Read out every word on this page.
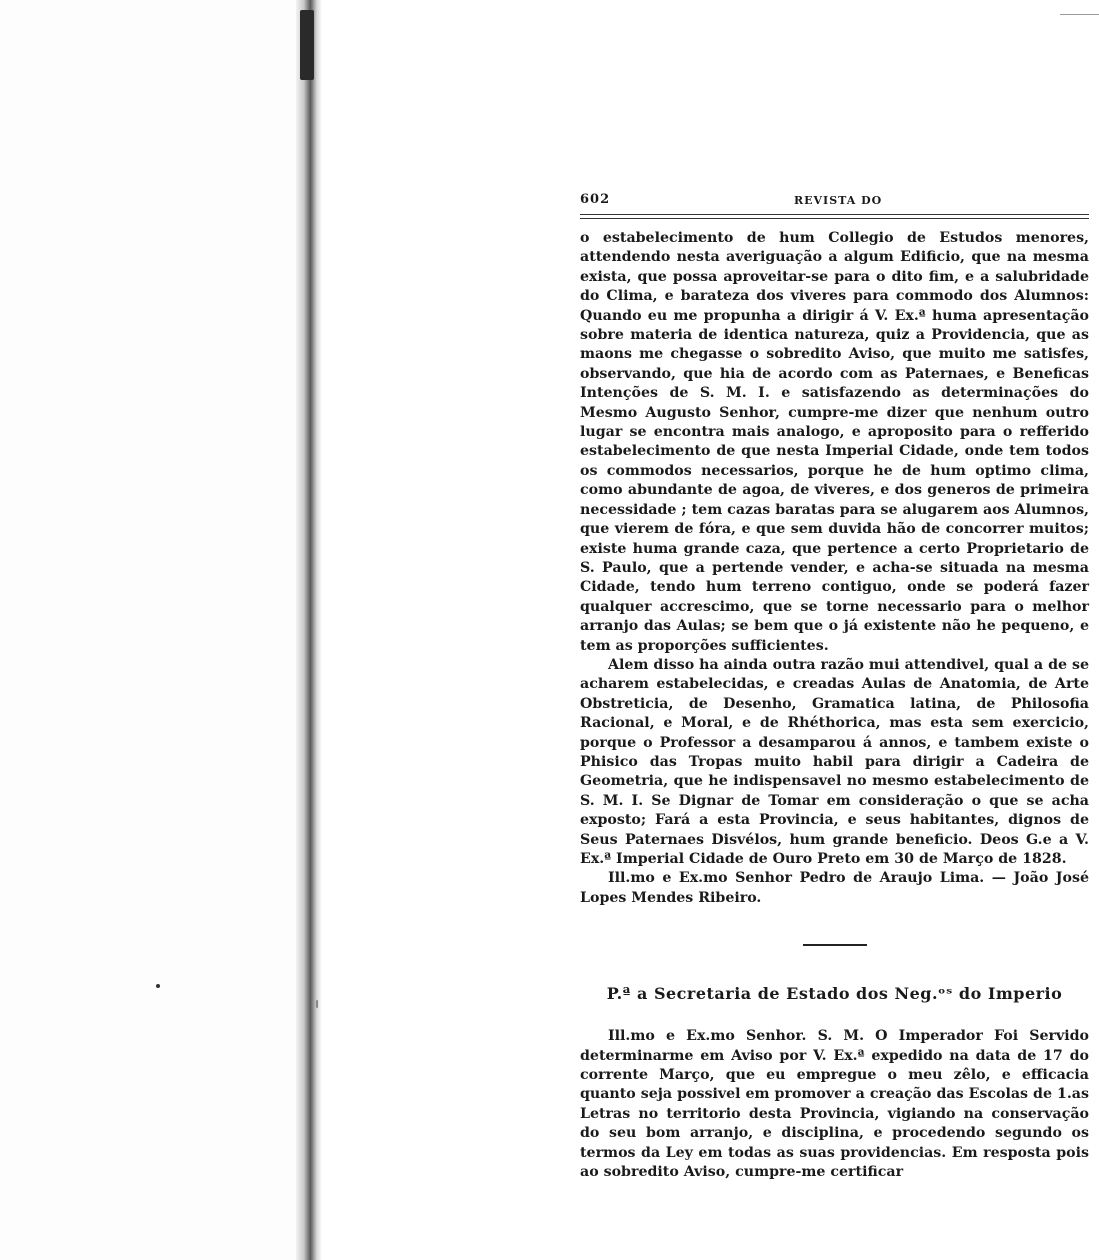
602	REVISTA DO

o estabelecimento de hum Collegio de Estudos menores, attendendo nesta averiguação a algum Edificio, que na mesma exista, que possa aproveitar-se para o dito fim, e a salubridade do Clima, e barateza dos viveres para commodo dos Alumnos: Quando eu me propunha a dirigir á V. Ex.ª huma apresentação sobre materia de identica natureza, quiz a Providencia, que as maons me chegasse o sobredito Aviso, que muito me satisfes, observando, que hia de acordo com as Paternaes, e Beneficas Intenções de S. M. I. e satisfazendo as determinações do Mesmo Augusto Senhor, cumpre-me dizer que nenhum outro lugar se encontra mais analogo, e aproposito para o refferido estabelecimento de que nesta Imperial Cidade, onde tem todos os commodos necessarios, porque he de hum optimo clima, como abundante de agoa, de viveres, e dos generos de primeira necessidade ; tem cazas baratas para se alugarem aos Alumnos, que vierem de fóra, e que sem duvida hão de concorrer muitos; existe huma grande caza, que pertence a certo Proprietario de S. Paulo, que a pertende vender, e acha-se situada na mesma Cidade, tendo hum terreno contiguo, onde se poderá fazer qualquer accrescimo, que se torne necessario para o melhor arranjo das Aulas; se bem que o já existente não he pequeno, e tem as proporções sufficientes.

Alem disso ha ainda outra razão mui attendivel, qual a de se acharem estabelecidas, e creadas Aulas de Anatomia, de Arte Obstreticia, de Desenho, Gramatica latina, de Philosofia Racional, e Moral, e de Rhéthorica, mas esta sem exercicio, porque o Professor a desamparou á annos, e tambem existe o Phisico das Tropas muito habil para dirigir a Cadeira de Geometria, que he indispensavel no mesmo estabelecimento de S. M. I. Se Dignar de Tomar em consideração o que se acha exposto; Fará a esta Provincia, e seus habitantes, dignos de Seus Paternaes Disvélos, hum grande beneficio. Deos G.e a V. Ex.ª Imperial Cidade de Ouro Preto em 30 de Março de 1828.

Ill.mo e Ex.mo Senhor Pedro de Araujo Lima. — João José Lopes Mendes Ribeiro.

P.ª a Secretaria de Estado dos Neg.ᵒˢ do Imperio

Ill.mo e Ex.mo Senhor. S. M. O Imperador Foi Servido determinarme em Aviso por V. Ex.ª expedido na data de 17 do corrente Março, que eu empregue o meu zêlo, e efficacia quanto seja possivel em promover a creação das Escolas de 1.as Letras no territorio desta Provincia, vigiando na conservação do seu bom arranjo, e disciplina, e procedendo segundo os termos da Ley em todas as suas providencias. Em resposta pois ao sobredito Aviso, cumpre-me certificar
